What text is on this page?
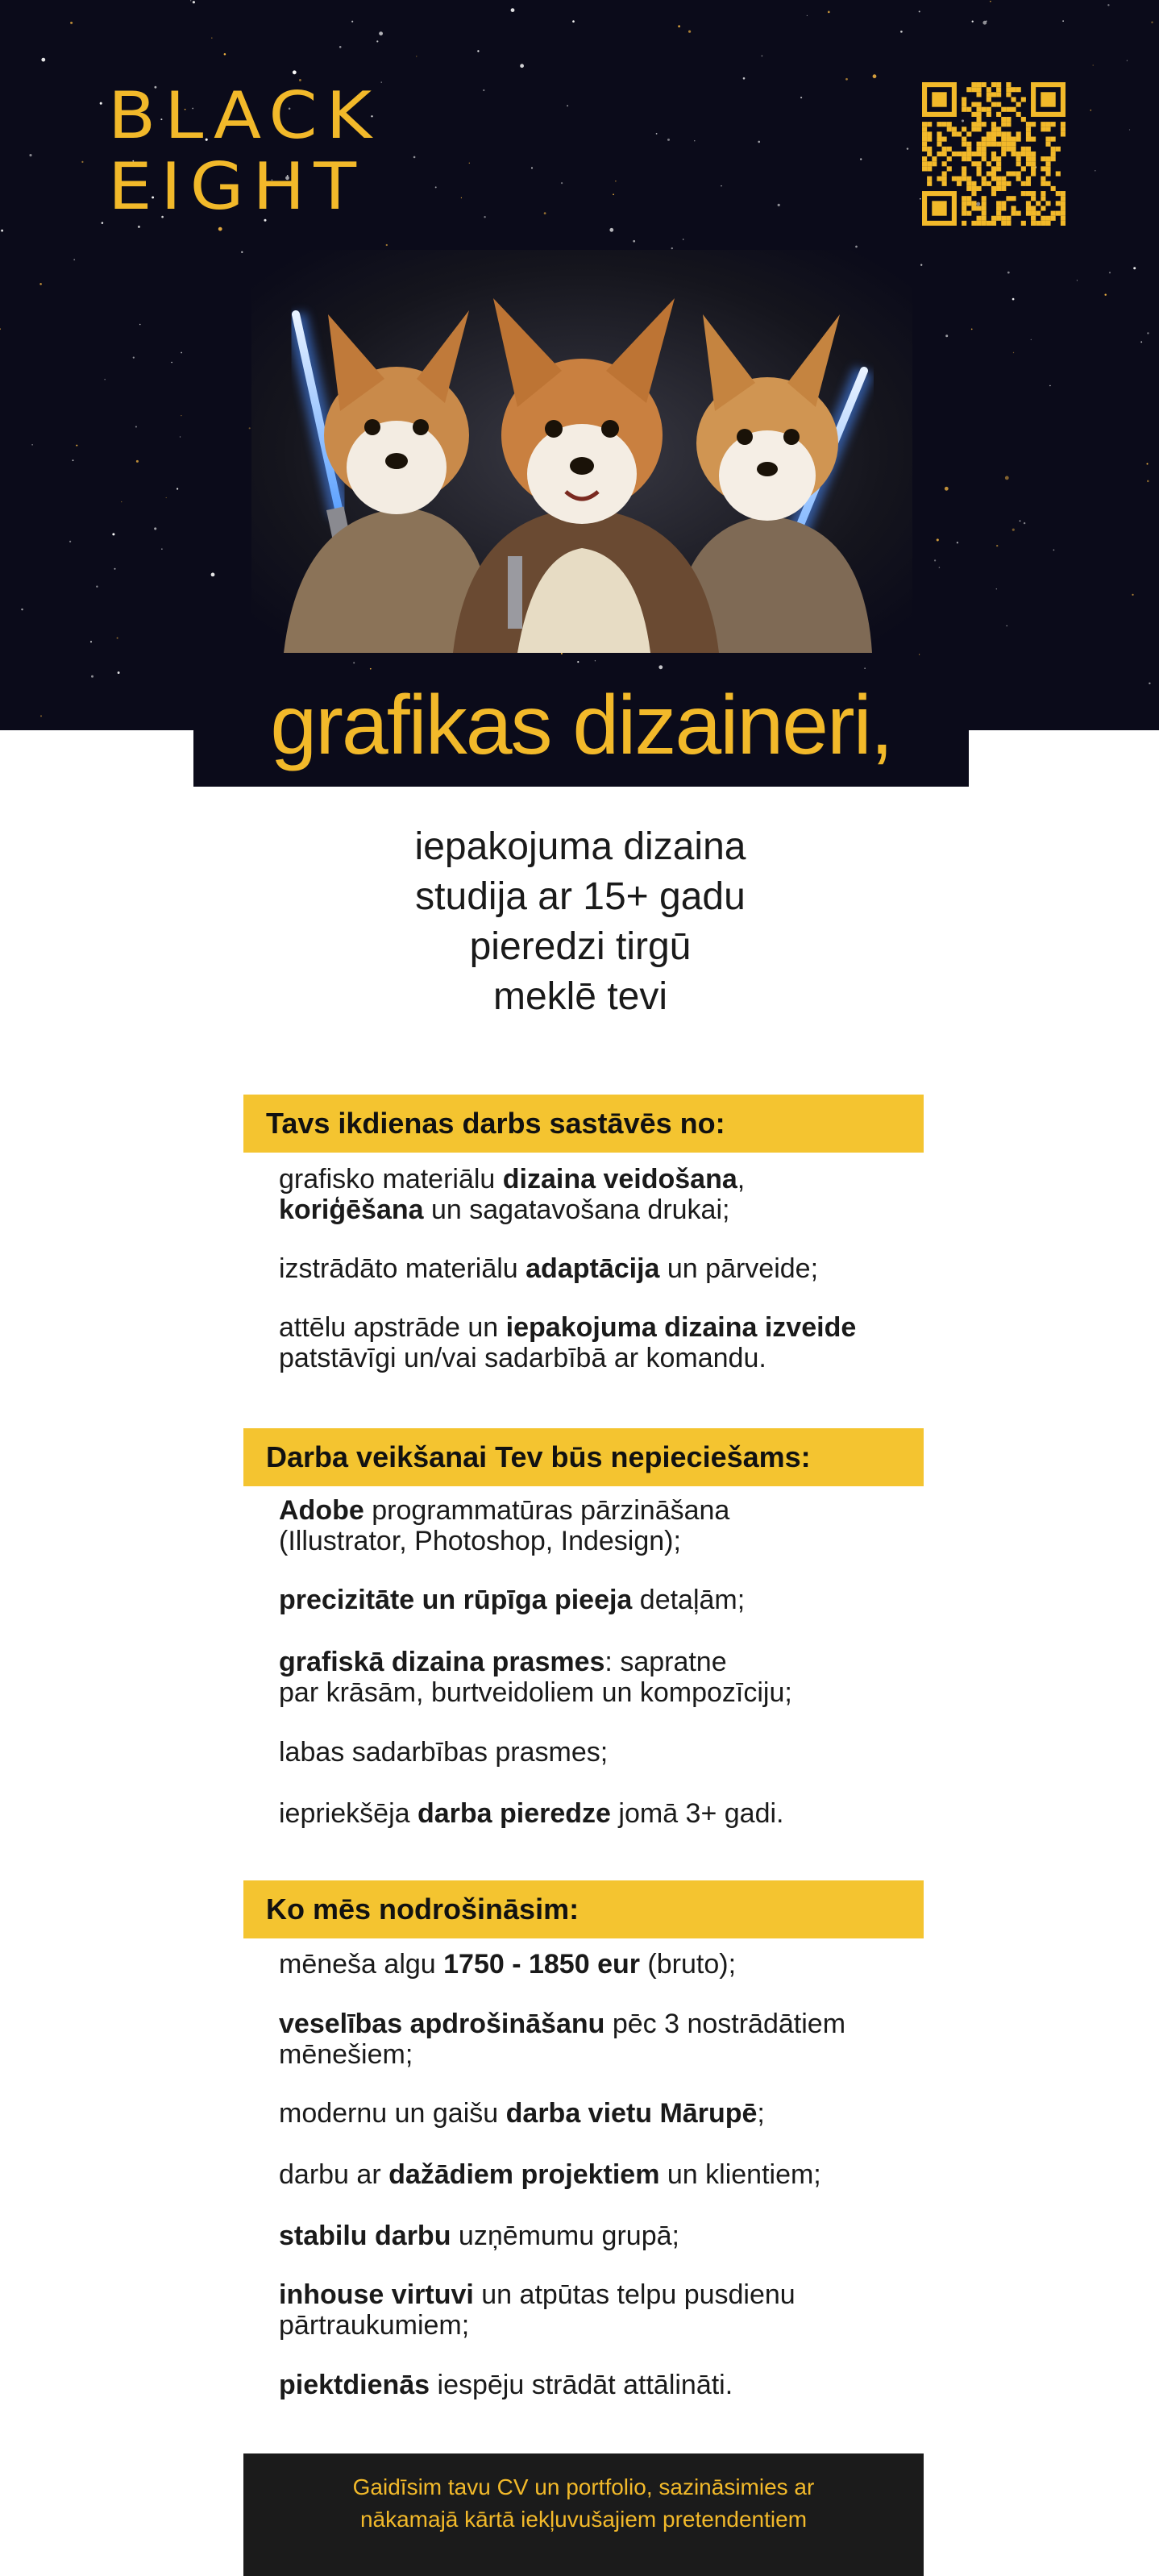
BLACK
EIGHT
grafikas dizaineri,
iepakojuma dizaina
studija ar 15+ gadu
pieredzi tirgū
meklē tevi
Tavs ikdienas darbs sastāvēs no:
grafisko materiālu dizaina veidošana,
koriģēšana un sagatavošana drukai;
izstrādāto materiālu adaptācija un pārveide;
attēlu apstrāde un iepakojuma dizaina izveide
patstāvīgi un/vai sadarbībā ar komandu.
Darba veikšanai Tev būs nepieciešams:
Adobe programmatūras pārzināšana
(Illustrator, Photoshop, Indesign);
precizitāte un rūpīga pieeja detaļām;
grafiskā dizaina prasmes: sapratne
par krāsām, burtveidoliem un kompozīciju;
labas sadarbības prasmes;
iepriekšēja darba pieredze jomā 3+ gadi.
Ko mēs nodrošināsim:
mēneša algu 1750 - 1850 eur (bruto);
veselības apdrošināšanu pēc 3 nostrādātiem
mēnešiem;
modernu un gaišu darba vietu Mārupē;
darbu ar dažādiem projektiem un klientiem;
stabilu darbu uzņēmumu grupā;
inhouse virtuvi un atpūtas telpu pusdienu
pārtraukumiem;
piektdienās iespēju strādāt attālināti.
Gaidīsim tavu CV un portfolio, sazināsimies ar
nākamajā kārtā iekļuvušajiem pretendentiem
